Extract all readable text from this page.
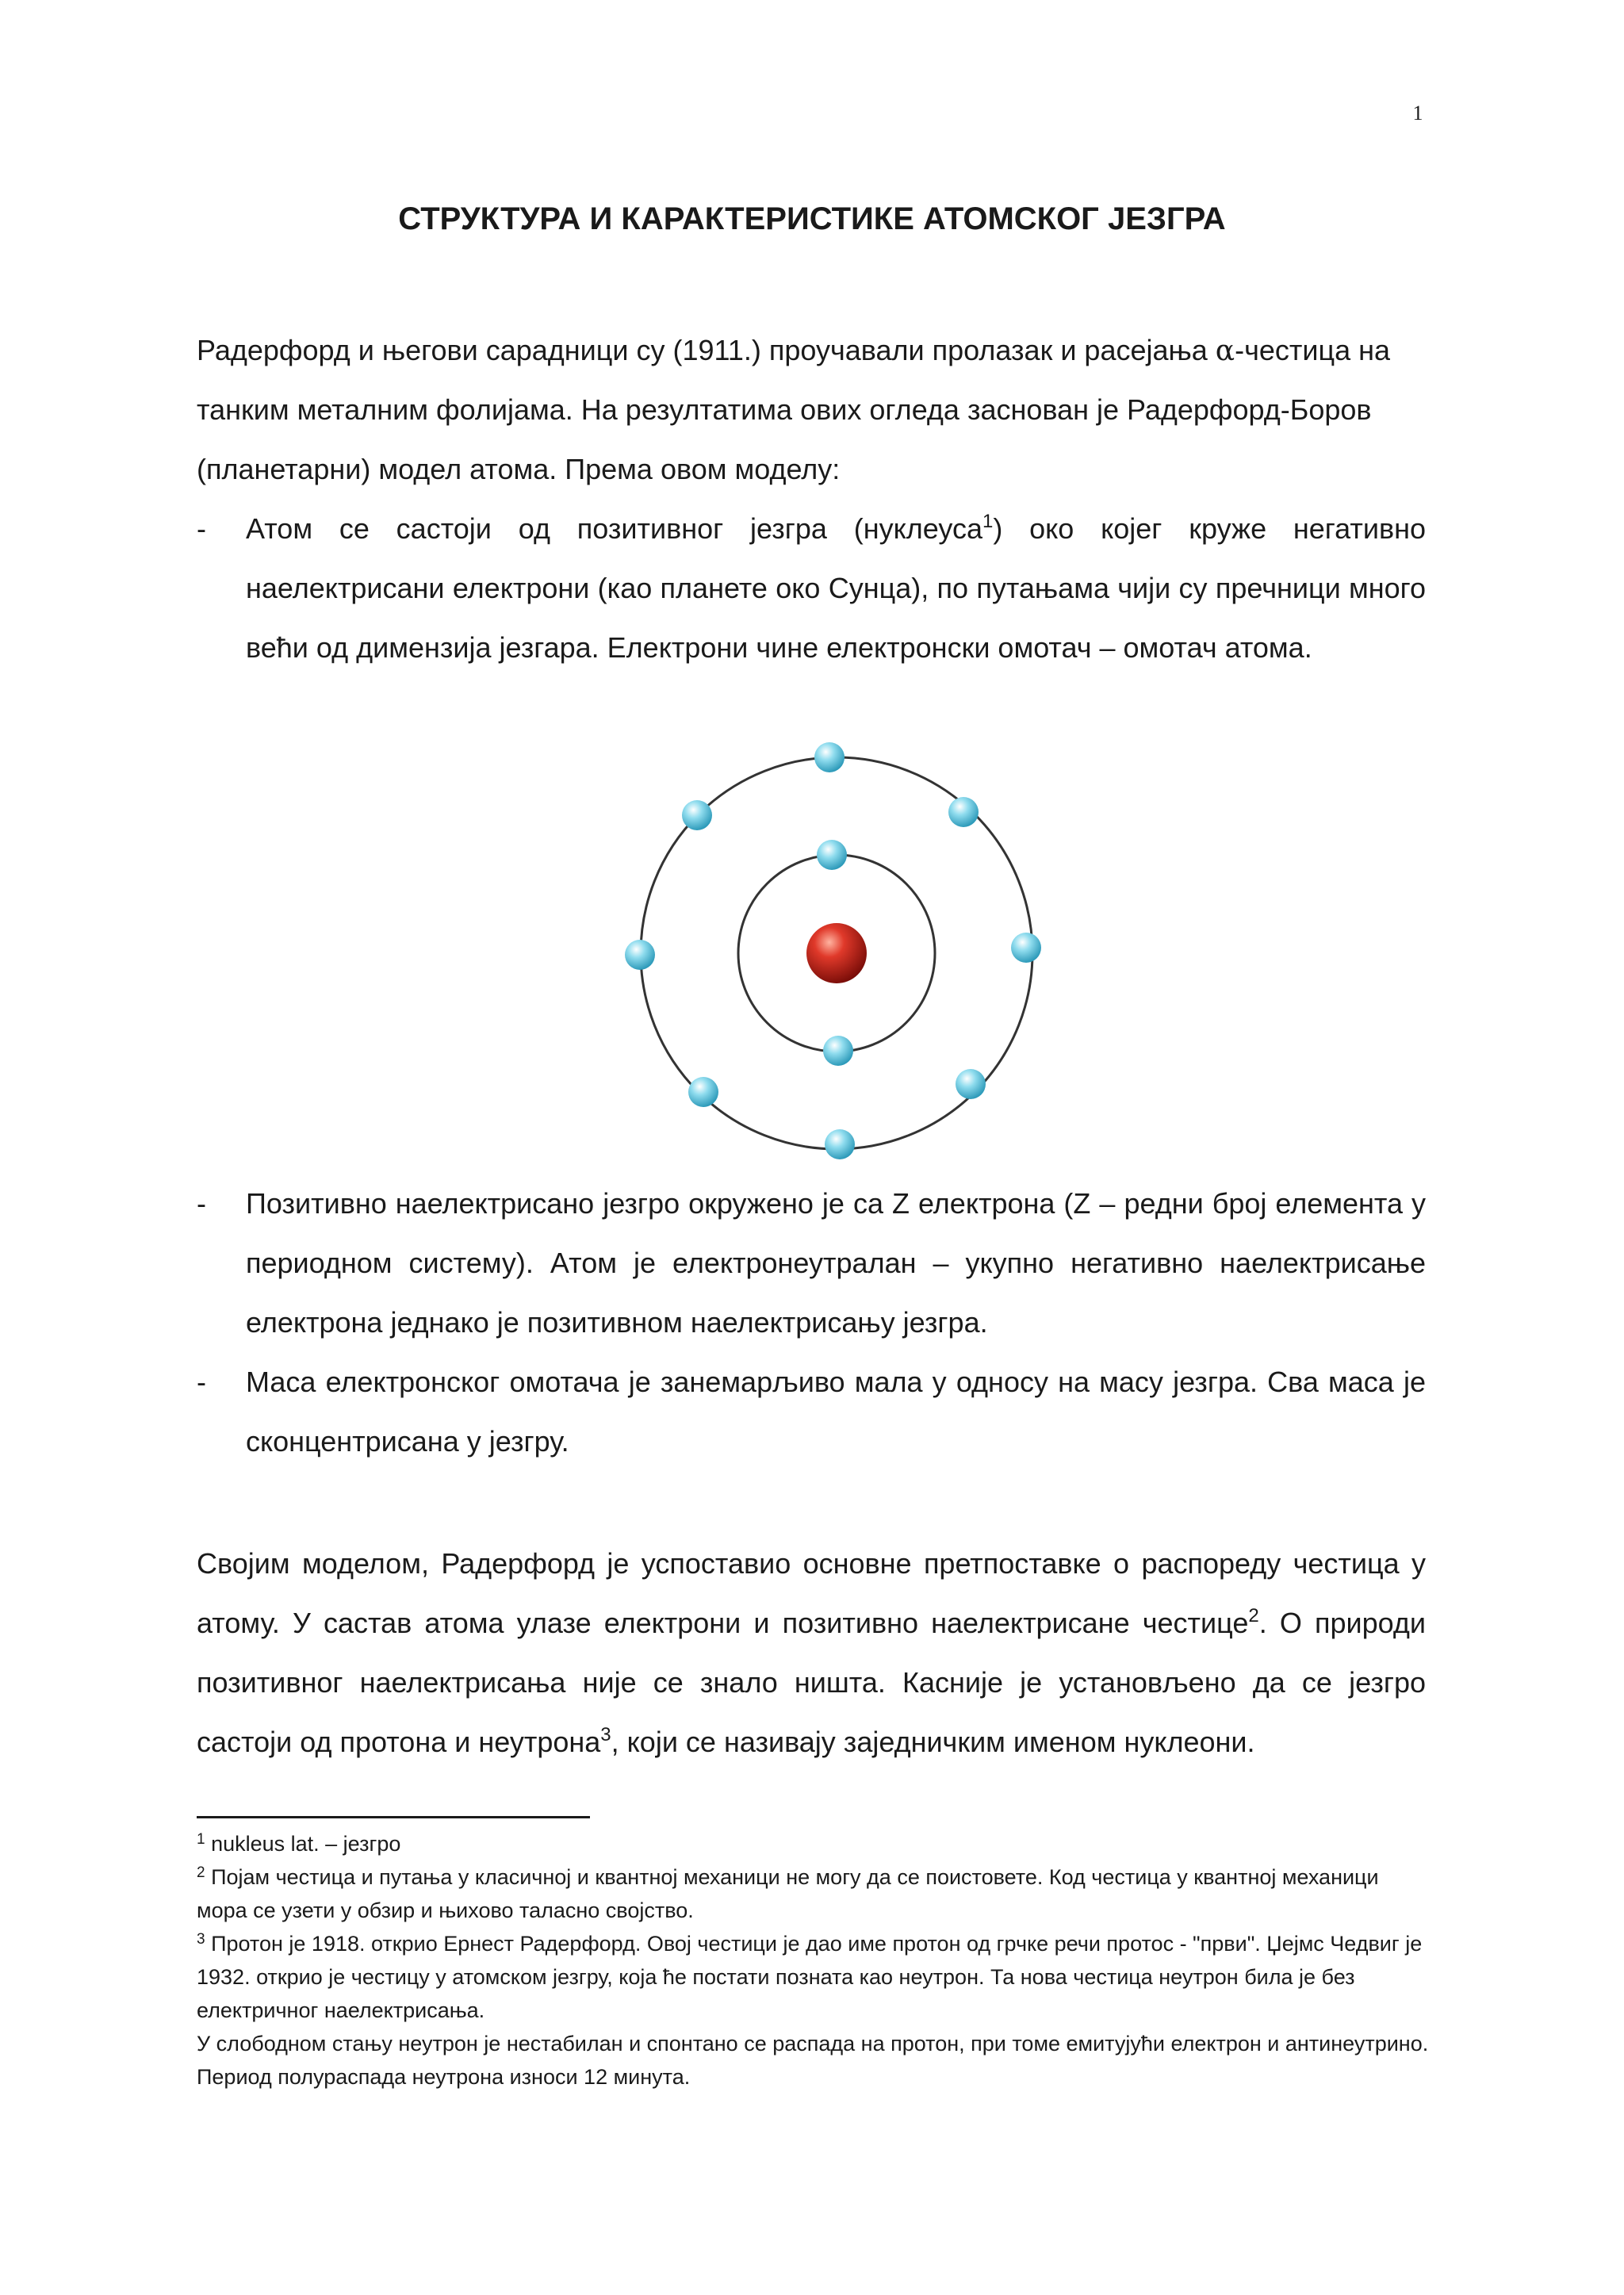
1
СТРУКТУРА И КАРАКТЕРИСТИКЕ АТОМСКОГ ЈЕЗГРА
Радерфорд и његови сарадници су (1911.) проучавали пролазак и расејања α-честица на
танким металним фолијама. На резултатима ових огледа заснован је Радерфорд-Боров
(планетарни) модел атома. Према овом моделу:
- Атом се састоји од позитивног језгра (нуклеуса$^1$) око којег круже негативно наелектрисани електрони (као планете око Сунца), по путањама чији су пречници много већи од димензија језгара. Електрони чине електронски омотач – омотач атома.
- Позитивно наелектрисано језгро окружено је са Z електрона (Z – редни број елемента у периодном систему). Атом је електронеутралан – укупно негативно наелектрисање електрона једнако је позитивном наелектрисању језгра.
- Маса електронског омотача је занемарљиво мала у односу на масу језгра. Сва маса је сконцентрисана у језгру.
Својим моделом, Радерфорд је успоставио основне претпоставке о распореду честица у атому. У састав атома улазе електрони и позитивно наелектрисане честице$^2$. О природи позитивног наелектрисања није се знало ништа. Касније је установљено да се језгро састоји од протона и неутрона$^3$, који се називају заједничким именом нуклеони.

$^1$ nukleus lat. – језгро

$^2$ Појам честица и путања у класичној и квантној механици не могу да се поистовете. Код честица у квантној механици мора се узети у обзир и њихово таласно својство.

$^3$ Протон је 1918. открио Ернест Радерфорд. Овој честици је дао име протон од грчке речи протос - "први". Џејмс Чедвиг је 1932. открио је честицу у атомском језгру, која ће постати позната као неутрон. Та нова честица неутрон била је без електричног наелектрисања.

У слободном стању неутрон је нестабилан и спонтано се распада на протон, при томе емитујући електрон и антинеутрино. Период полураспада неутрона износи 12 минута.
